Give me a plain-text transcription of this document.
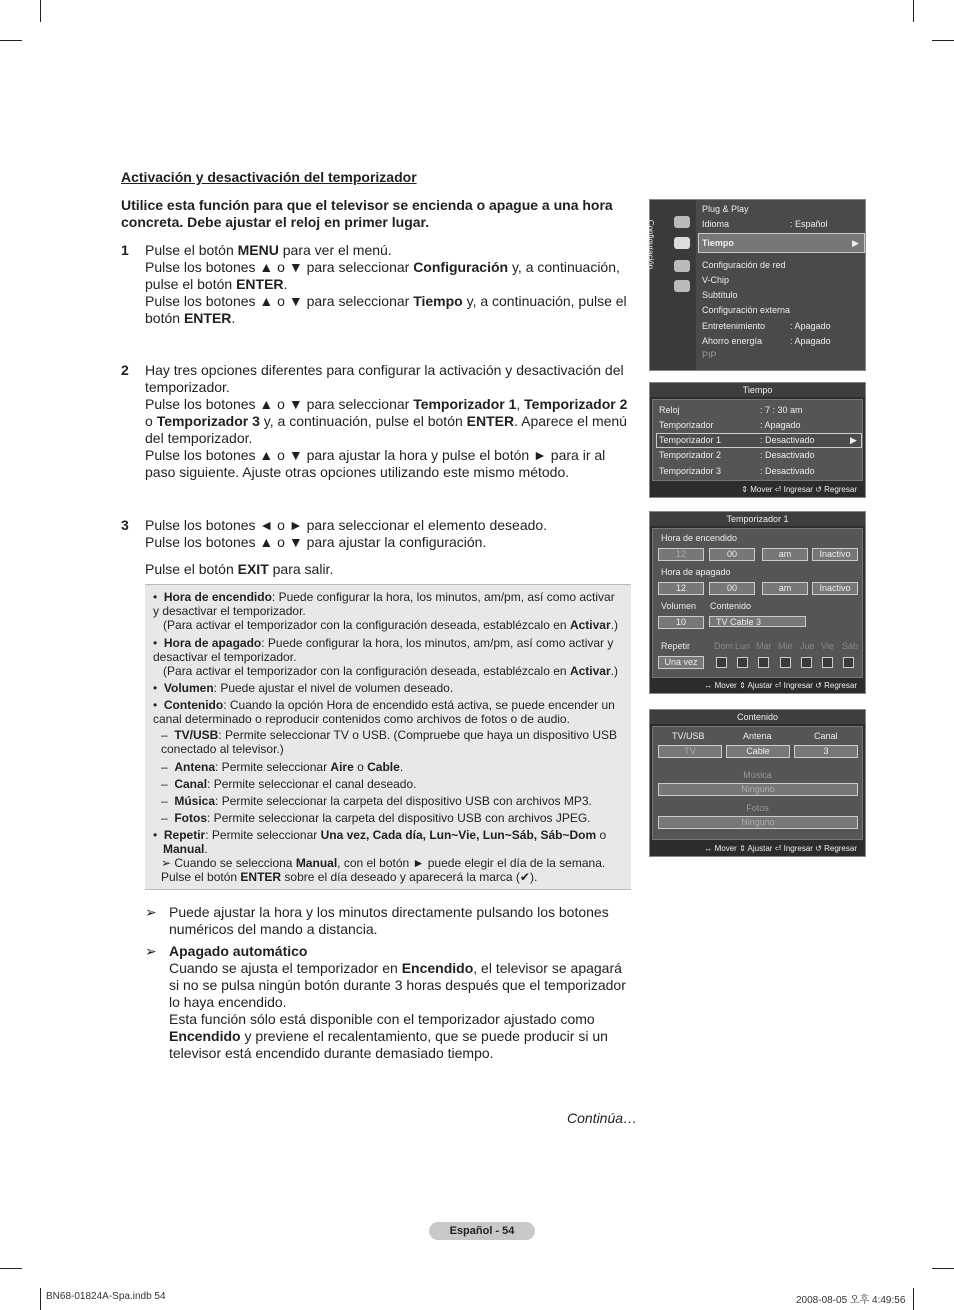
Activación y desactivación del temporizador
Utilice esta función para que el televisor se encienda o apague a una hora concreta. Debe ajustar el reloj en primer lugar.
1 Pulse el botón MENU para ver el menú.
Pulse los botones ▲ o ▼ para seleccionar Configuración y, a continuación, pulse el botón ENTER.
Pulse los botones ▲ o ▼ para seleccionar Tiempo y, a continuación, pulse el botón ENTER.
2 Hay tres opciones diferentes para configurar la activación y desactivación del temporizador.
Pulse los botones ▲ o ▼ para seleccionar Temporizador 1, Temporizador 2 o Temporizador 3 y, a continuación, pulse el botón ENTER. Aparece el menú del temporizador.
Pulse los botones ▲ o ▼ para ajustar la hora y pulse el botón ► para ir al paso siguiente. Ajuste otras opciones utilizando este mismo método.
3 Pulse los botones ◄ o ► para seleccionar el elemento deseado.
Pulse los botones ▲ o ▼ para ajustar la configuración.

Pulse el botón EXIT para salir.
•  Hora de encendido: Puede configurar la hora, los minutos, am/pm, así como activar y desactivar el temporizador.
(Para activar el temporizador con la configuración deseada, establézcalo en Activar.)
•  Hora de apagado: Puede configurar la hora, los minutos, am/pm, así como activar y desactivar el temporizador.
(Para activar el temporizador con la configuración deseada, establézcalo en Activar.)
•  Volumen: Puede ajustar el nivel de volumen deseado.
•  Contenido: Cuando la opción Hora de encendido está activa, se puede encender un canal determinado o reproducir contenidos como archivos de fotos o de audio.
–  TV/USB: Permite seleccionar TV o USB. (Compruebe que haya un dispositivo USB conectado al televisor.)
–  Antena: Permite seleccionar Aire o Cable.
–  Canal: Permite seleccionar el canal deseado.
–  Música: Permite seleccionar la carpeta del dispositivo USB con archivos MP3.
–  Fotos: Permite seleccionar la carpeta del dispositivo USB con archivos JPEG.
•  Repetir: Permite seleccionar Una vez, Cada día, Lun~Vie, Lun~Sáb, Sáb~Dom o
Manual.
➢ Cuando se selecciona Manual, con el botón ► puede elegir el día de la semana. Pulse el botón ENTER sobre el día deseado y aparecerá la marca (✔).
➢ Puede ajustar la hora y los minutos directamente pulsando los botones numéricos del mando a distancia.
➢ Apagado automático
Cuando se ajusta el temporizador en Encendido, el televisor se apagará si no se pulsa ningún botón durante 3 horas después que el temporizador lo haya encendido.
Esta función sólo está disponible con el temporizador ajustado como Encendido y previene el recalentamiento, que se puede producir si un televisor está encendido durante demasiado tiempo.
Continúa…
Español - 54
BN68-01824A-Spa.indb 54	2008-08-05 오후 4:49:56
Configuración
Plug & Play
Idioma	: Español
Tiempo	▶
Configuración de red
V-Chip
Subtítulo
Configuración externa
Entretenimiento	: Apagado
Ahorro energía	: Apagado
PIP
Tiempo
Reloj	: 7 : 30 am
Temporizador	: Apagado
Temporizador 1	: Desactivado	▶
Temporizador 2	: Desactivado
Temporizador 3	: Desactivado
⇕ Mover ⏎ Ingresar ↺ Regresar
Temporizador 1
Hora de encendido
12	00	am	Inactivo
Hora de apagado
12	00	am	Inactivo
Volumen Contenido
10	TV Cable 3
Repetir	Dom Lun Mar Mié Jue Vie Sáb
Una vez
↔ Mover ⇕ Ajustar ⏎ Ingresar ↺ Regresar
Contenido
TV/USB	Antena	Canal
TV	Cable	3
Música
Ninguno
Fotos
Ninguno
↔ Mover ⇕ Ajustar ⏎ Ingresar ↺ Regresar
